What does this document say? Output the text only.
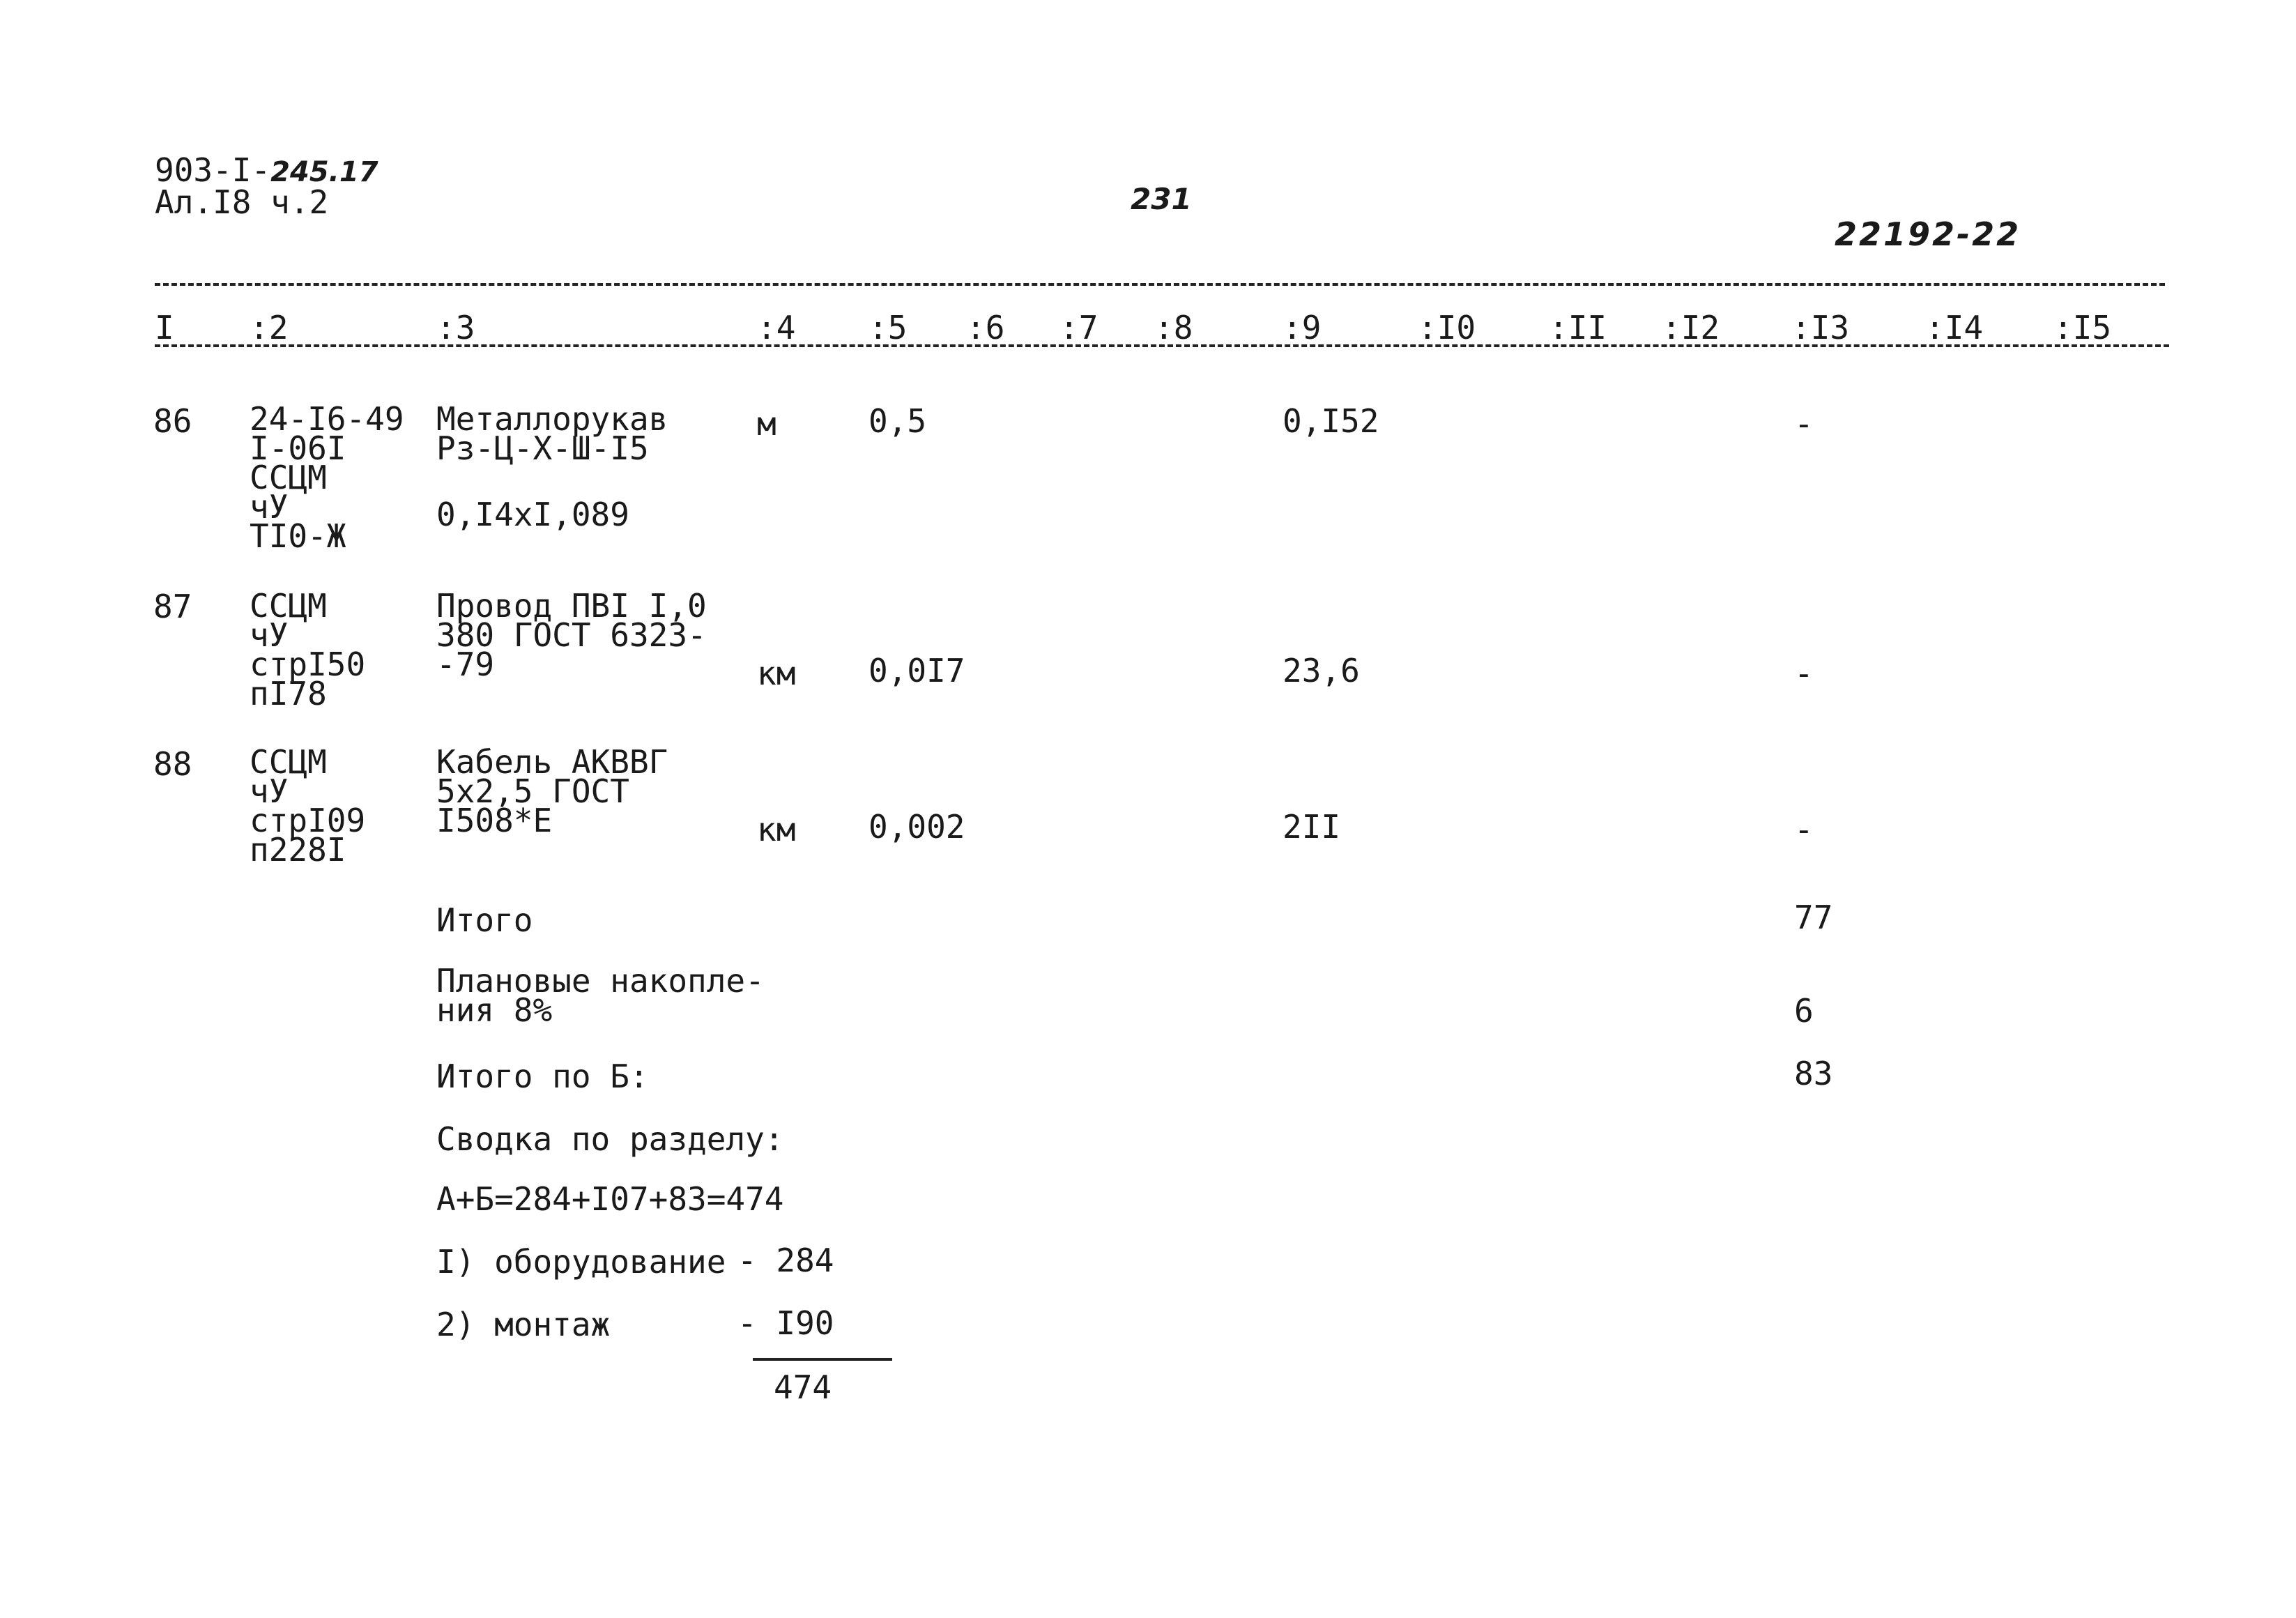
903-I-245.17
Ал.I8 ч.2	231
22192-22
I :2	:3	:4 :5 :6 :7 :8	:9	:I0 :II :I2 :I3 :I4 :I5
86 24-I6-49
I-06I
ССЦМ
чУ
TI0-Ж
Металлорукав
Рз-Ц-Х-Ш-I5
0,I4xI,089
м	0,5	0,I52	-
87 ССЦМ
чУ
стрI50
пI78
Провод ПВI I,0
380 ГОСТ 6323-
-79	км 0,0I7	23,6	-
88 ССЦМ
чУ
стрI09
п228I
Кабель АКВВГ
5х2,5 ГОСТ
I508*Е	км 0,002	2II	-
Итого	77
Плановые накопле-
ния 8%	6
Итого по Б:	83
Сводка по разделу:
А+Б=284+I07+83=474
I) оборудование - 284
2) монтаж	- I90
474
